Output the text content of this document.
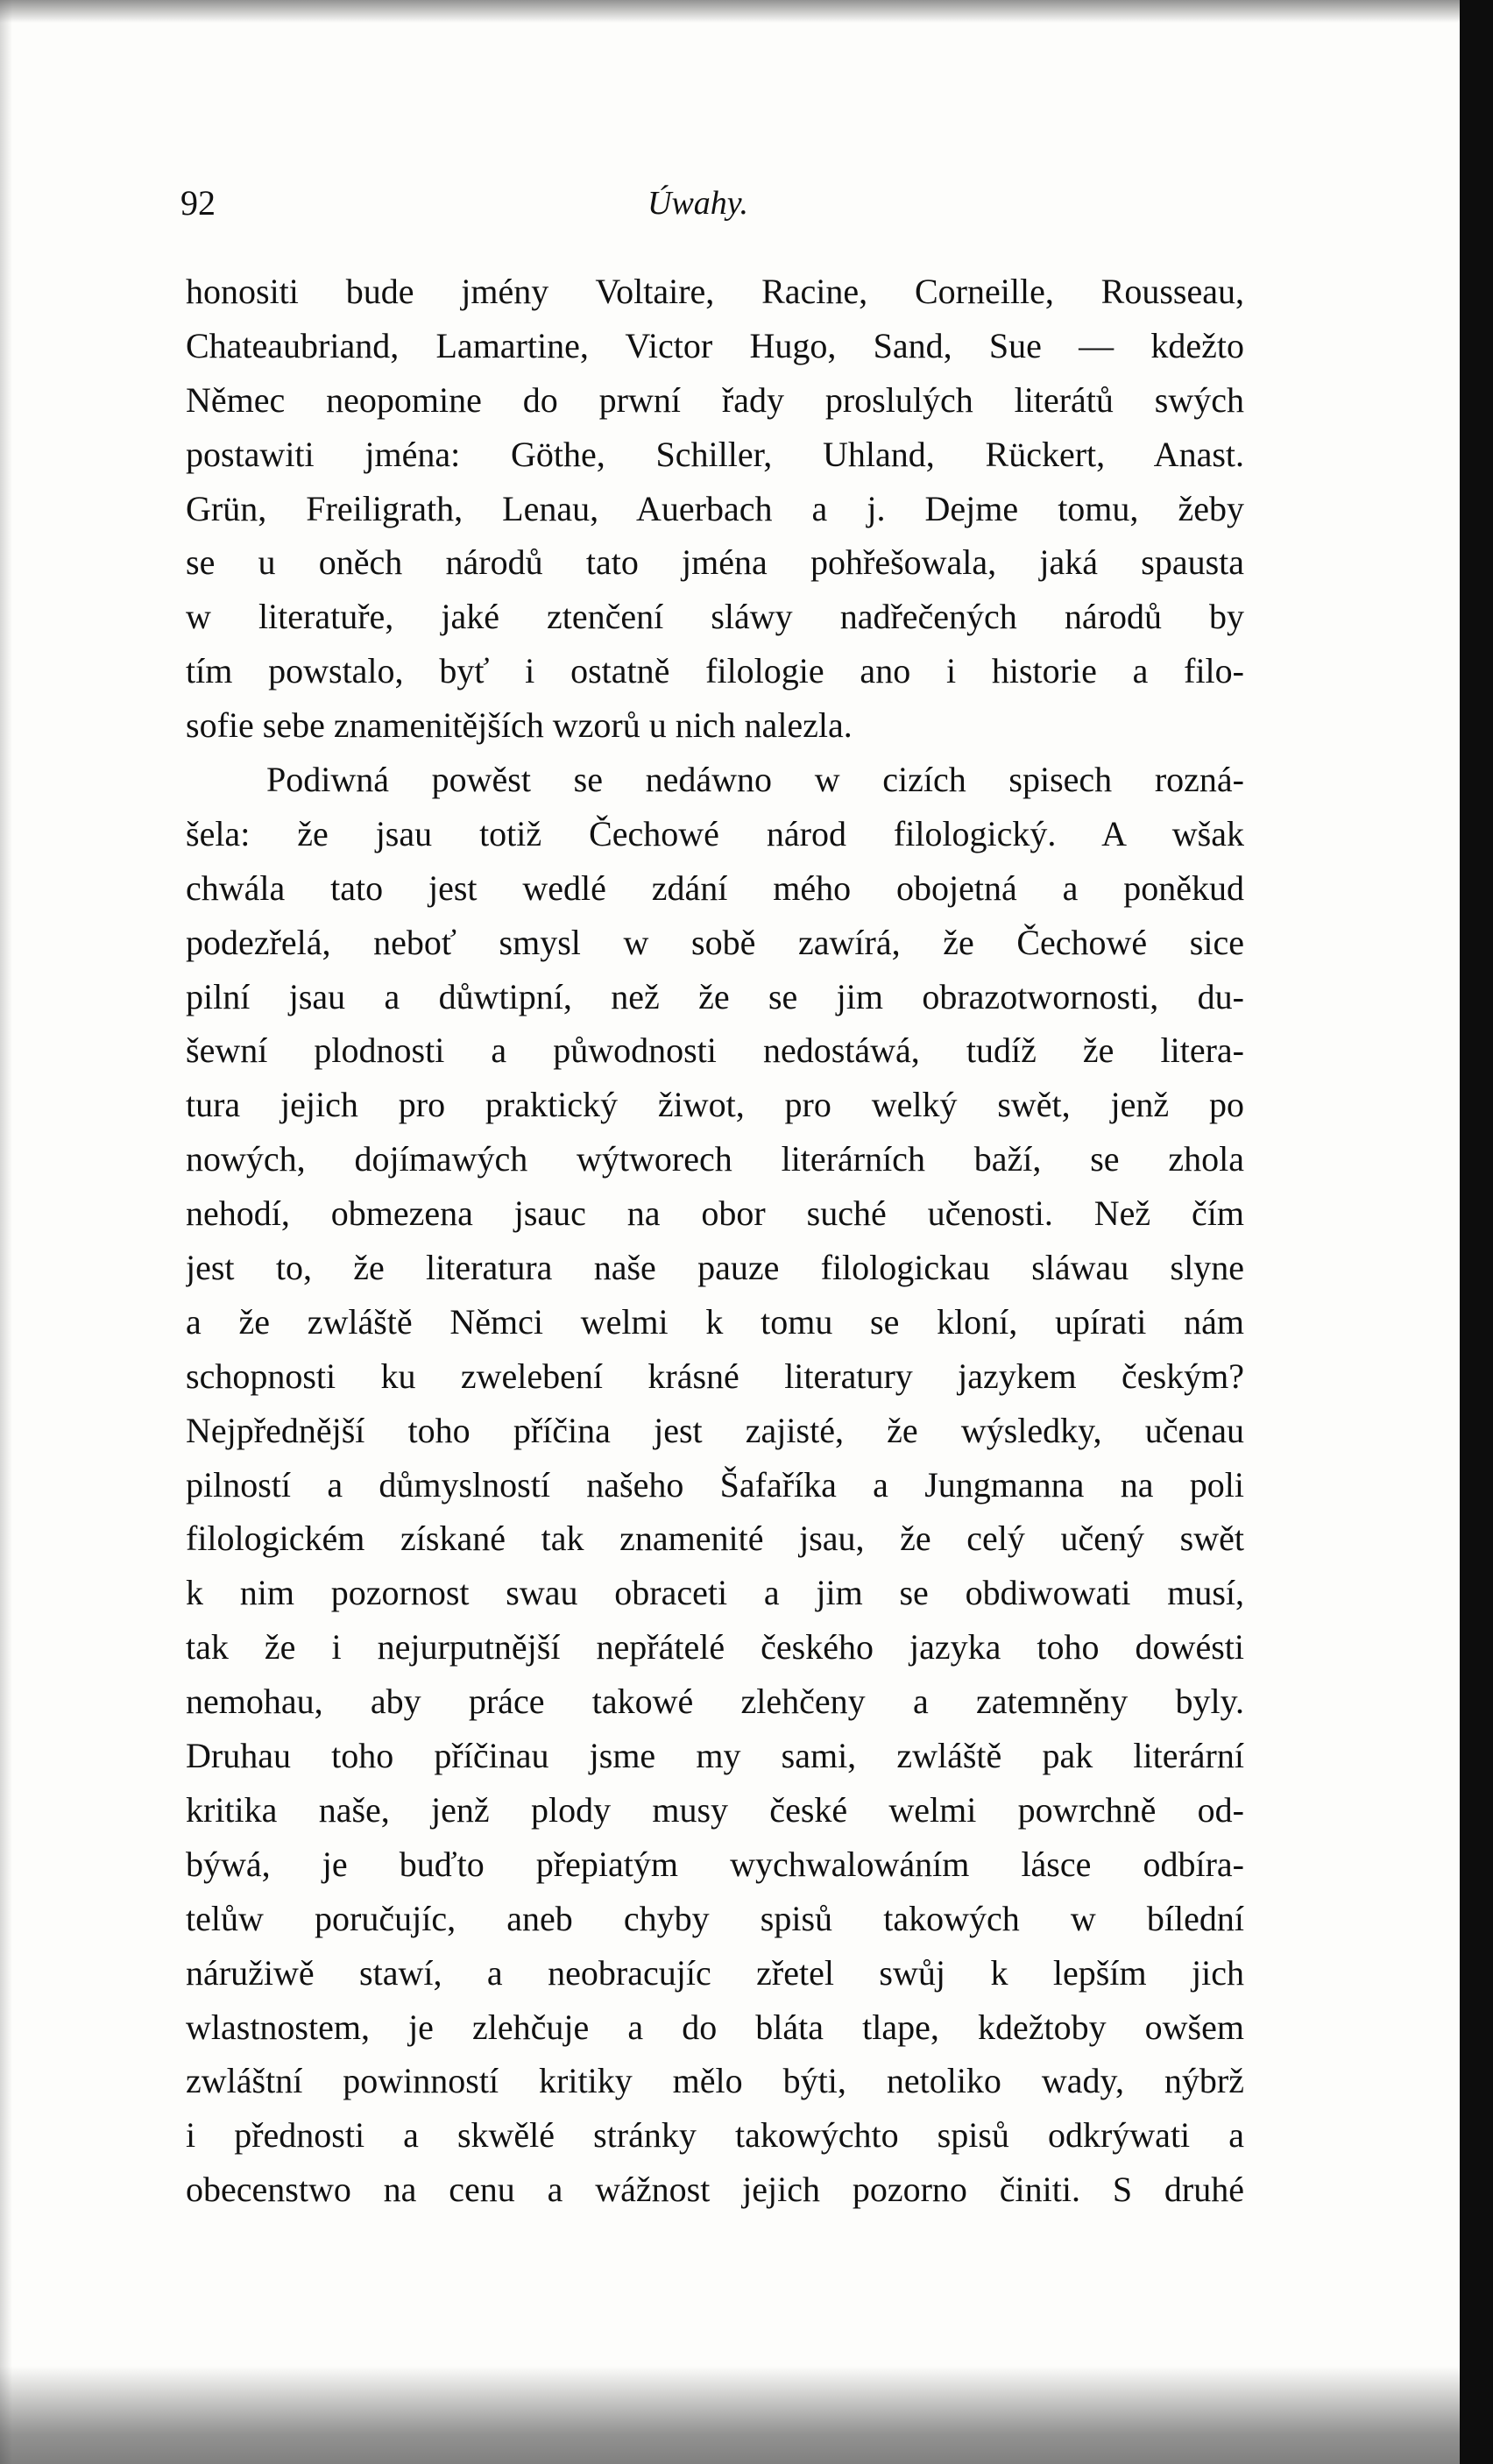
92	Úwahy.
honositi bude jmény Voltaire, Racine, Corneille, Rousseau,
Chateaubriand, Lamartine, Victor Hugo, Sand, Sue — kdežto
Němec neopomine do prwní řady proslulých literátů swých
postawiti jména: Göthe, Schiller, Uhland, Rückert, Anast.
Grün, Freiligrath, Lenau, Auerbach a j. Dejme tomu, žeby
se u oněch národů tato jména pohřešowala, jaká spausta
w literatuře, jaké ztenčení sláwy nadřečených národů by
tím powstalo, byť i ostatně filologie ano i historie a filo-
sofie sebe znamenitějších wzorů u nich nalezla.
Podiwná powěst se nedáwno w cizích spisech rozná-
šela: že jsau totiž Čechowé národ filologický. A wšak
chwála tato jest wedlé zdání mého obojetná a poněkud
podezřelá, neboť smysl w sobě zawírá, že Čechowé sice
pilní jsau a důwtipní, než že se jim obrazotwornosti, du-
šewní plodnosti a půwodnosti nedostáwá, tudíž že litera-
tura jejich pro praktický žiwot, pro welký swět, jenž po
nowých, dojímawých wýtworech literárních baží, se zhola
nehodí, obmezena jsauc na obor suché učenosti. Než čím
jest to, že literatura naše pauze filologickau sláwau slyne
a že zwláště Němci welmi k tomu se kloní, upírati nám
schopnosti ku zwelebení krásné literatury jazykem českým?
Nejpřednější toho příčina jest zajisté, že wýsledky, učenau
pilností a důmyslností našeho Šafaříka a Jungmanna na poli
filologickém získané tak znamenité jsau, že celý učený swět
k nim pozornost swau obraceti a jim se obdiwowati musí,
tak že i nejurputnější nepřátelé českého jazyka toho dowésti
nemohau, aby práce takowé zlehčeny a zatemněny byly.
Druhau toho příčinau jsme my sami, zwláště pak literární
kritika naše, jenž plody musy české welmi powrchně od-
býwá, je buďto přepiatým wychwalowáním lásce odbíra-
telůw poručujíc, aneb chyby spisů takowých w bílední
náružiwě stawí, a neobracujíc zřetel swůj k lepším jich
wlastnostem, je zlehčuje a do bláta tlape, kdežtoby owšem
zwláštní powinností kritiky mělo býti, netoliko wady, nýbrž
i přednosti a skwělé stránky takowýchto spisů odkrýwati a
obecenstwo na cenu a wážnost jejich pozorno činiti. S druhé
